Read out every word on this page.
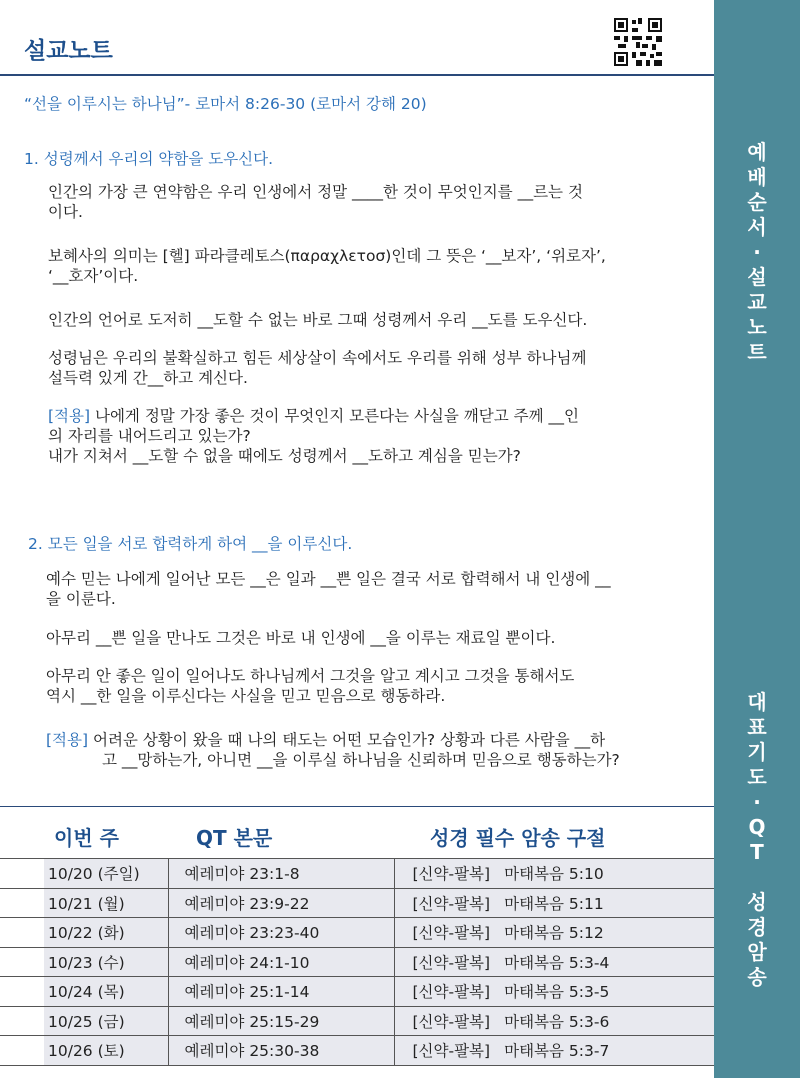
설교노트
“선을 이루시는 하나님”- 로마서 8:26-30 (로마서 강해 20)
1. 성령께서 우리의 약함을 도우신다.
인간의 가장 큰 연약함은 우리 인생에서 정말 ____한 것이 무엇인지를 __르는 것
이다.
보혜사의 의미는 [헬] 파라클레토스(παραχλετοσ)인데 그 뜻은 ‘__보자’, ‘위로자’,
‘__호자’이다.
인간의 언어로 도저히 __도할 수 없는 바로 그때 성령께서 우리 __도를 도우신다.
성령님은 우리의 불확실하고 힘든 세상살이 속에서도 우리를 위해 성부 하나님께
설득력 있게 간__하고 계신다.
[적용] 나에게 정말 가장 좋은 것이 무엇인지 모른다는 사실을 깨닫고 주께 __인
의 자리를 내어드리고 있는가?
내가 지쳐서 __도할 수 없을 때에도 성령께서 __도하고 계심을 믿는가?
2. 모든 일을 서로 합력하게 하여 __을 이루신다.
예수 믿는 나에게 일어난 모든 __은 일과 __쁜 일은 결국 서로 합력해서 내 인생에 __
을 이룬다.
아무리 __쁜 일을 만나도 그것은 바로 내 인생에 __을 이루는 재료일 뿐이다.
아무리 안 좋은 일이 일어나도 하나님께서 그것을 알고 계시고 그것을 통해서도
역시 __한 일을 이루신다는 사실을 믿고 믿음으로 행동하라.
[적용] 어려운 상황이 왔을 때 나의 태도는 어떤 모습인가? 상황과 다른 사람을 __하
고 __망하는가, 아니면 __을 이루실 하나님을 신뢰하며 믿음으로 행동하는가?
이번 주	QT 본문	성경 필수 암송 구절
	10/20 (주일)	예레미야 23:1-8	[신약-팔복] 마태복음 5:10
	10/21 (월)	예레미야 23:9-22	[신약-팔복] 마태복음 5:11
	10/22 (화)	예레미야 23:23-40	[신약-팔복] 마태복음 5:12
	10/23 (수)	예레미야 24:1-10	[신약-팔복] 마태복음 5:3-4
	10/24 (목)	예레미야 25:1-14	[신약-팔복] 마태복음 5:3-5
	10/25 (금)	예레미야 25:15-29	[신약-팔복] 마태복음 5:3-6
	10/26 (토)	예레미야 25:30-38	[신약-팔복] 마태복음 5:3-7
예
배
순
서
·
설
교
노
트
대
표
기
도
·
Q
T

성
경
암
송
